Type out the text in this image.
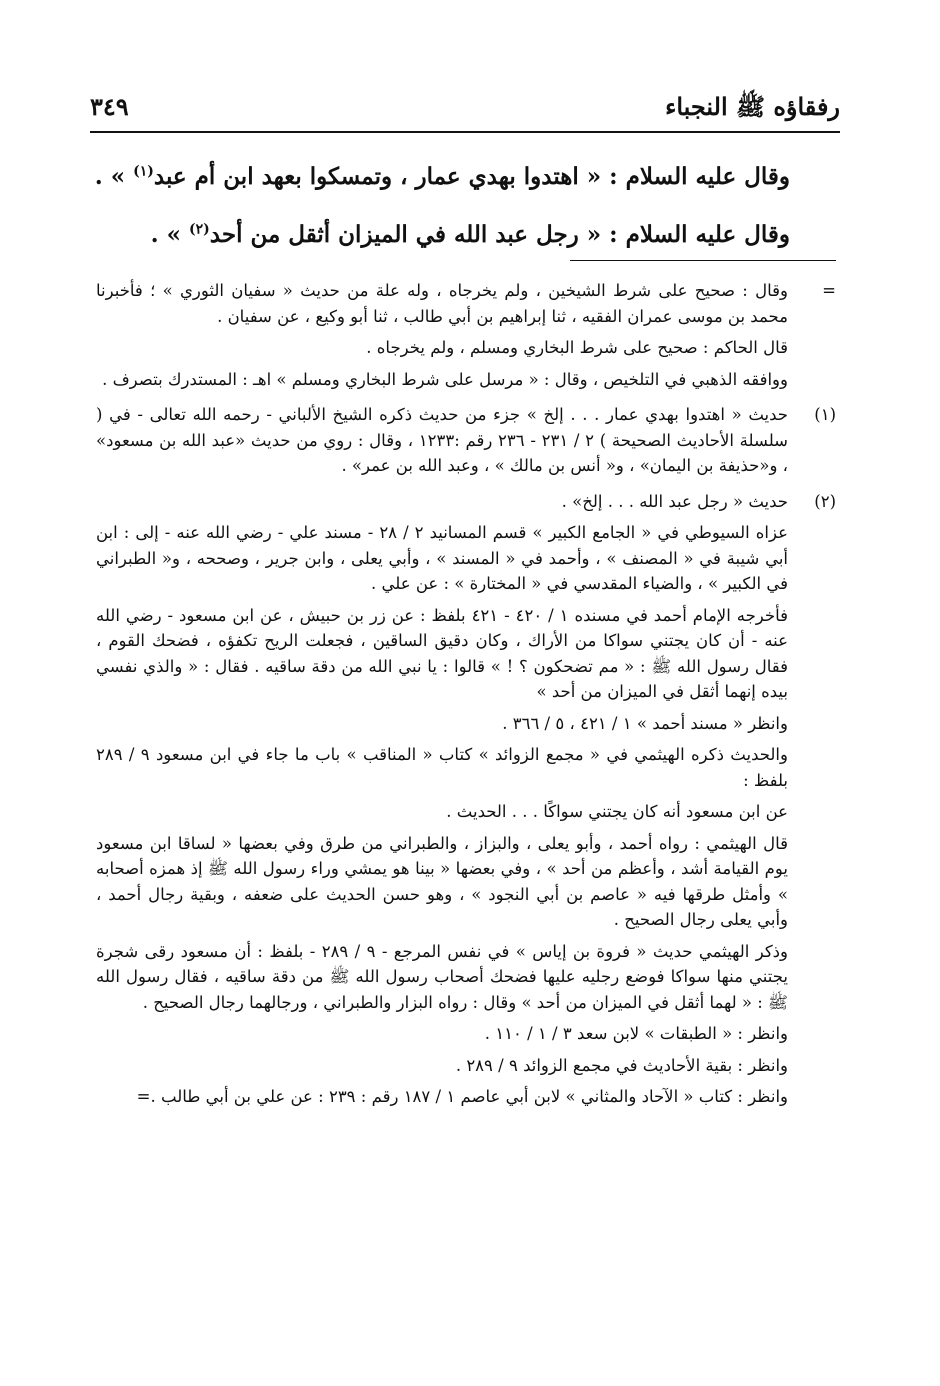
رفقاؤه ﷺ النجباء
٣٤٩

وقال عليه السلام : « اهتدوا بهدي عمار ، وتمسكوا بعهد ابن أم عبد$^{(١)}$ » .

وقال عليه السلام : « رجل عبد الله في الميزان أثقل من أحد$^{(٢)}$ » .

=

وقال : صحيح على شرط الشيخين ، ولم يخرجاه ، وله علة من حديث « سفيان الثوري » ؛ فأخبرنا محمد بن موسى عمران الفقيه ، ثنا إبراهيم بن أبي طالب ، ثنا أبو وكيع ، عن سفيان .

قال الحاكم : صحيح على شرط البخاري ومسلم ، ولم يخرجاه .

ووافقه الذهبي في التلخيص ، وقال : « مرسل على شرط البخاري ومسلم » اهـ : المستدرك بتصرف .

(١)

حديث « اهتدوا بهدي عمار . . . إلخ » جزء من حديث ذكره الشيخ الألباني - رحمه الله تعالى - في ( سلسلة الأحاديث الصحيحة ) ٢ / ٢٣١ - ٢٣٦ رقم :١٢٣٣ ، وقال : روي من حديث «عبد الله بن مسعود» ، و«حذيفة بن اليمان» ، و« أنس بن مالك » ، وعبد الله بن عمر» .

(٢)

حديث « رجل عبد الله . . . إلخ» .

عزاه السيوطي في « الجامع الكبير » قسم المسانيد ٢ / ٢٨ - مسند علي - رضي الله عنه - إلى : ابن أبي شيبة في « المصنف » ، وأحمد في « المسند » ، وأبي يعلى ، وابن جرير ، وصححه ، و« الطبراني في الكبير » ، والضياء المقدسي في « المختارة » : عن علي .

فأخرجه الإمام أحمد في مسنده ١ / ٤٢٠ - ٤٢١ بلفظ : عن زر بن حبيش ، عن ابن مسعود - رضي الله عنه - أن كان يجتني سواكا من الأراك ، وكان دقيق الساقين ، فجعلت الريح تكفؤه ، فضحك القوم ، فقال رسول الله ﷺ : « مم تضحكون ؟ ! » قالوا : يا نبي الله من دقة ساقيه . فقال : « والذي نفسي بيده إنهما أثقل في الميزان من أحد »

وانظر « مسند أحمد » ١ / ٤٢١ ، ٥ / ٣٦٦ .

والحديث ذكره الهيثمي في « مجمع الزوائد » كتاب « المناقب » باب ما جاء في ابن مسعود ٩ / ٢٨٩ بلفظ :

عن ابن مسعود أنه كان يجتني سواكًا . . . الحديث .

قال الهيثمي : رواه أحمد ، وأبو يعلى ، والبزاز ، والطبراني من طرق وفي بعضها « لساقا ابن مسعود يوم القيامة أشد ، وأعظم من أحد » ، وفي بعضها « بينا هو يمشي وراء رسول الله ﷺ إذ همزه أصحابه » وأمثل طرقها فيه « عاصم بن أبي النجود » ، وهو حسن الحديث على ضعفه ، وبقية رجال أحمد ، وأبي يعلى رجال الصحيح .

وذكر الهيثمي حديث « فروة بن إياس » في نفس المرجع - ٩ / ٢٨٩ - بلفظ : أن مسعود رقى شجرة يجتني منها سواكا فوضع رجليه عليها فضحك أصحاب رسول الله ﷺ من دقة ساقيه ، فقال رسول الله ﷺ : « لهما أثقل في الميزان من أحد » وقال : رواه البزار والطبراني ، ورجالهما رجال الصحيح .

وانظر : « الطبقات » لابن سعد ٣ / ١ / ١١٠ .

وانظر : بقية الأحاديث في مجمع الزوائد ٩ / ٢٨٩ .

وانظر : كتاب « الآحاد والمثاني » لابن أبي عاصم ١ / ١٨٧ رقم : ٢٣٩ : عن علي بن أبي طالب .=
